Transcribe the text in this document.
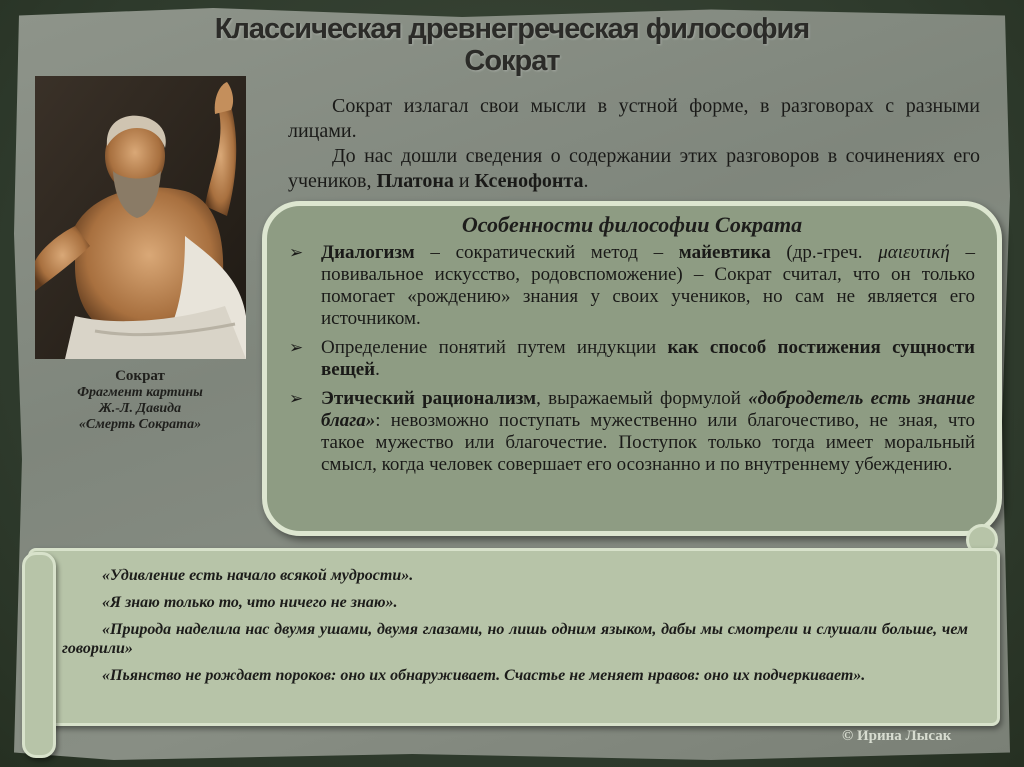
Классическая древнегреческая философия
Сократ
Сократ
Фрагмент картины
Ж.-Л. Давида
«Смерть Сократа»

Сократ излагал свои мысли в устной форме, в разговорах с разными лицами.

До нас дошли сведения о содержании этих разговоров в сочинениях его учеников, Платона и Ксенофонта.

Особенности философии Сократа
➢ Диалогизм – сократический метод – майевтика (др.-греч. μαιευτική – повивальное искусство, родовспоможение) – Сократ считал, что он только помогает «рождению» знания у своих учеников, но сам не является его источником.
➢ Определение понятий путем индукции как способ постижения сущности вещей.
➢ Этический рационализм, выражаемый формулой «добродетель есть знание блага»: невозможно поступать мужественно или благочестиво, не зная, что такое мужество или благочестие. Поступок только тогда имеет моральный смысл, когда человек совершает его осознанно и по внутреннему убеждению.

«Удивление есть начало всякой мудрости».

«Я знаю только то, что ничего не знаю».

«Природа наделила нас двумя ушами, двумя глазами, но лишь одним языком, дабы мы смотрели и слушали больше, чем говорили»

«Пьянство не рождает пороков: оно их обнаруживает. Счастье не меняет нравов: оно их подчеркивает».

© Ирина Лысак
